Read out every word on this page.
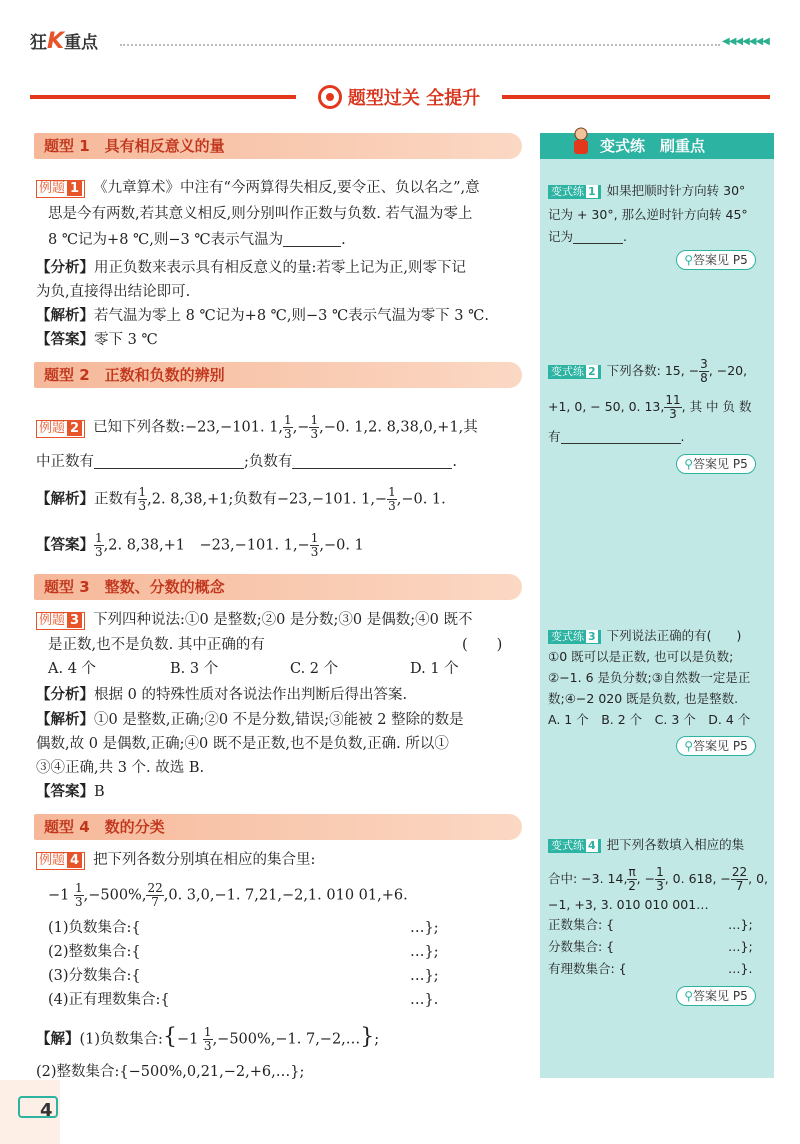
狂K重点	◀◀◀◀◀◀◀
题型过关 全提升
题型 1　具有相反意义的量
例题 1 《九章算术》中注有“今两算得失相反,要令正、负以名之”,意
思是今有两数,若其意义相反,则分别叫作正数与负数. 若气温为零上
8 ℃记为+8 ℃,则−3 ℃表示气温为	.
【分析】用正负数来表示具有相反意义的量:若零上记为正,则零下记
为负,直接得出结论即可.
【解析】若气温为零上 8 ℃记为+8 ℃,则−3 ℃表示气温为零下 3 ℃.
【答案】零下 3 ℃
题型 2　正数和负数的辨别
例题 2 已知下列各数:−23,−101. 1, $\frac{1}{3}$ ,− $\frac{1}{3} ,-0$. 1,2. 8,38,0,+1,其
中正数有	;负数有	.
【解析】正数有 $\frac{1}{3} ,2$. 8,38,+1;负数有−23,−101. $1,- \frac{1}{3} ,-0$. 1.
【答案】 $\frac{1}{3} ,2$. 8,38,+1　−23,−101. $1,- \frac{1}{3} ,-0$. 1
题型 3　整数、分数的概念
例题 3 下列四种说法:①0 是整数;②0 是分数;③0 是偶数;④0 既不
是正数,也不是负数. 其中正确的有	(　　)
A. 4 个	B. 3 个	C. 2 个	D. 1 个
【分析】根据 0 的特殊性质对各说法作出判断后得出答案.
【解析】①0 是整数,正确;②0 不是分数,错误;③能被 2 整除的数是
偶数,故 0 是偶数,正确;④0 既不是正数,也不是负数,正确. 所以①
③④正确,共 3 个. 故选 B.
【答案】B
题型 4　数的分类
例题 4 把下列各数分别填在相应的集合里:
$-1 \frac{1}{3} ,-500\%$, $\frac{22}{7} ,0$. 3,0,−1. 7,21,−2,1. 010 01,+6.
(1)负数集合:{	…};
(2)整数集合:{	…};
(3)分数集合:{	…};
(4)正有理数集合:{	…}.
【解】(1)负数集合:{−1 $\frac{1}{3} ,-500\%,-1$. 7,−2,…};
(2)整数集合:{−500%,0,21,−2,+6,…};
变式练　刷重点
变式练 1 如果把顺时针方向转 30°
记为 + 30°, 那么逆时针方向转 45°
记为	.
⚲答案见 P5
变式练 2 下列各数: 15, − $\frac{3}{8}$ , −20,
+1, 0, − 50, 0. 13, $\frac{11}{3}$ , 其 中 负 数
有	.
⚲答案见 P5
变式练 3 下列说法正确的有(　　)
①0 既可以是正数, 也可以是负数;
②−1. 6 是负分数;③自然数一定是正
数;④−2 020 既是负数, 也是整数.
A. 1 个　B. 2 个　C. 3 个　D. 4 个
⚲答案见 P5
变式练 4 把下列各数填入相应的集
合中: −3. 14, $\frac{\pi}{2}$ , − $\frac{1}{3}$ , 0. 618, − $\frac{22}{7}$ , 0,
−1, +3, 3. 010 010 001…
正数集合: {	…};
分数集合: {	…};
有理数集合: {	…}.
⚲答案见 P5
4
